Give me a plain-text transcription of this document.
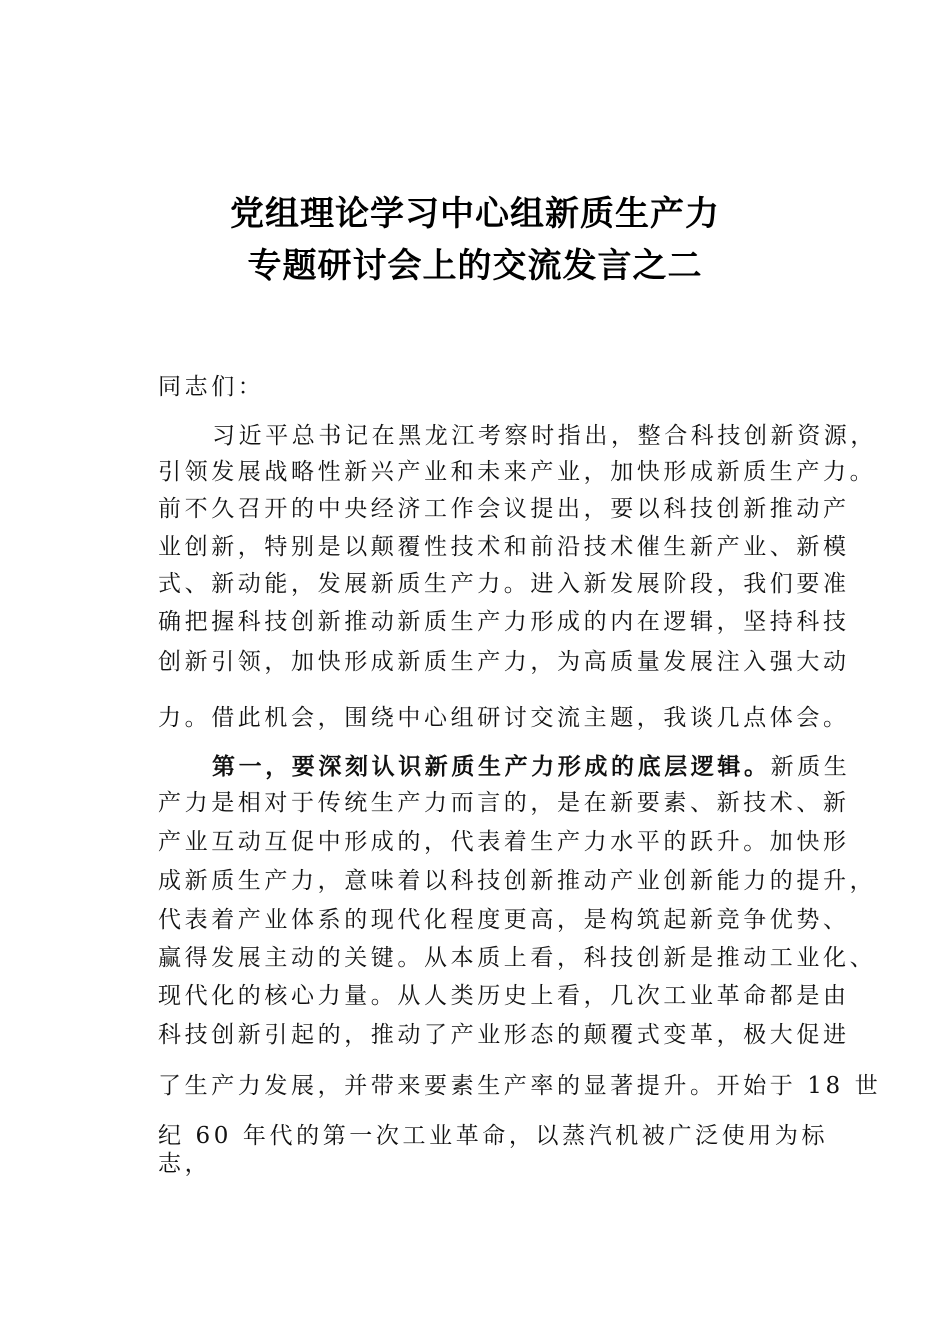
党组理论学习中心组新质生产力
专题研讨会上的交流发言之二
同志们：
习近平总书记在黑龙江考察时指出，整合科技创新资源，
引领发展战略性新兴产业和未来产业，加快形成新质生产力。
前不久召开的中央经济工作会议提出，要以科技创新推动产
业创新，特别是以颠覆性技术和前沿技术催生新产业、新模
式、新动能，发展新质生产力。进入新发展阶段，我们要准
确把握科技创新推动新质生产力形成的内在逻辑，坚持科技
创新引领，加快形成新质生产力，为高质量发展注入强大动
力。借此机会，围绕中心组研讨交流主题，我谈几点体会。
第一，要深刻认识新质生产力形成的底层逻辑。新质生
产力是相对于传统生产力而言的，是在新要素、新技术、新
产业互动互促中形成的，代表着生产力水平的跃升。加快形
成新质生产力，意味着以科技创新推动产业创新能力的提升，
代表着产业体系的现代化程度更高，是构筑起新竞争优势、
赢得发展主动的关键。从本质上看，科技创新是推动工业化、
现代化的核心力量。从人类历史上看，几次工业革命都是由
科技创新引起的，推动了产业形态的颠覆式变革，极大促进
了生产力发展，并带来要素生产率的显著提升。开始于 18 世
纪 60 年代的第一次工业革命，以蒸汽机被广泛使用为标
志，
